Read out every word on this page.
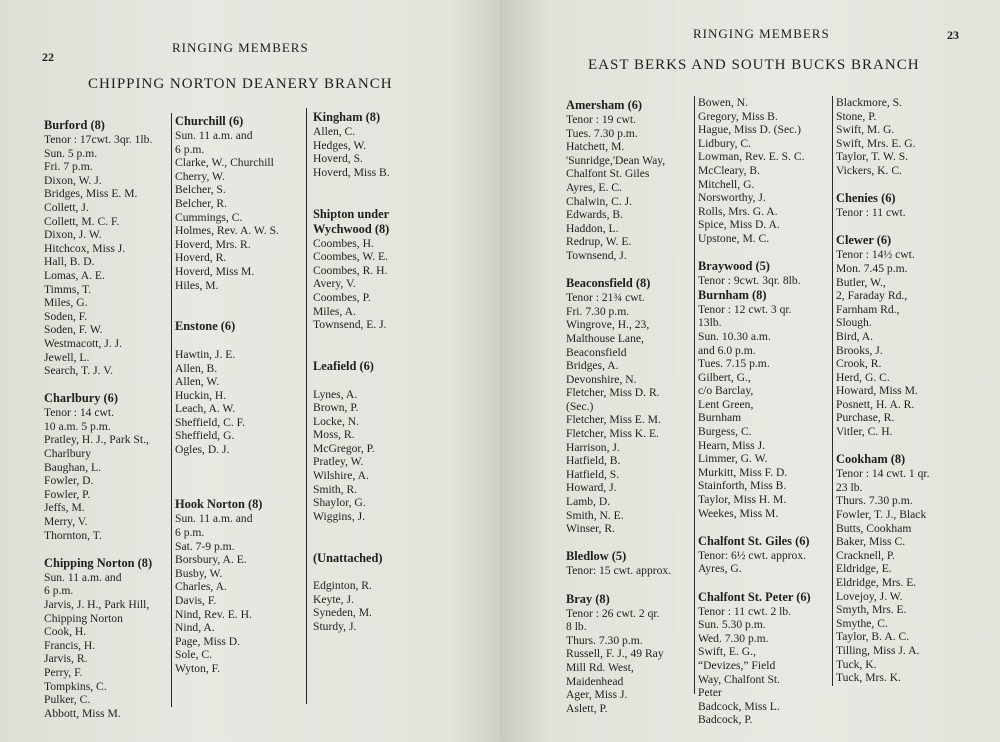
22
RINGING MEMBERS
CHIPPING NORTON DEANERY BRANCH
Burford (8)
Tenor : 17cwt. 3qr. 1lb.
Sun. 5 p.m.
Fri. 7 p.m.
Dixon, W. J.
Bridges, Miss E. M.
Collett, J.
Collett, M. C. F.
Dixon, J. W.
Hitchcox, Miss J.
Hall, B. D.
Lomas, A. E.
Timms, T.
Miles, G.
Soden, F.
Soden, F. W.
Westmacott, J. J.
Jewell, L.
Search, T. J. V.
Charlbury (6)
Tenor : 14 cwt.
10 a.m. 5 p.m.
Pratley, H. J., Park St.,
Charlbury
Baughan, L.
Fowler, D.
Fowler, P.
Jeffs, M.
Merry, V.
Thornton, T.
Chipping Norton (8)
Sun. 11 a.m. and
6 p.m.
Jarvis, J. H., Park Hill,
Chipping Norton
Cook, H.
Francis, H.
Jarvis, R.
Perry, F.
Tompkins, C.
Pulker, C.
Abbott, Miss M.
Churchill (6)
Sun. 11 a.m. and
6 p.m.
Clarke, W., Churchill
Cherry, W.
Belcher, S.
Belcher, R.
Cummings, C.
Holmes, Rev. A. W. S.
Hoverd, Mrs. R.
Hoverd, R.
Hoverd, Miss M.
Hiles, M.
Enstone (6)
Hawtin, J. E.
Allen, B.
Allen, W.
Huckin, H.
Leach, A. W.
Sheffield, C. F.
Sheffield, G.
Ogles, D. J.
Hook Norton (8)
Sun. 11 a.m. and
6 p.m.
Sat. 7-9 p.m.
Borsbury, A. E.
Busby, W.
Charles, A.
Davis, F.
Nind, Rev. E. H.
Nind, A.
Page, Miss D.
Sole, C.
Wyton, F.
Kingham (8)
Allen, C.
Hedges, W.
Hoverd, S.
Hoverd, Miss B.
Shipton under
Wychwood (8)
Coombes, H.
Coombes, W. E.
Coombes, R. H.
Avery, V.
Coombes, P.
Miles, A.
Townsend, E. J.
Leafield (6)
Lynes, A.
Brown, P.
Locke, N.
Moss, R.
McGregor, P.
Pratley, W.
Wilshire, A.
Smith, R.
Shaylor, G.
Wiggins, J.
(Unattached)
Edginton, R.
Keyte, J.
Syneden, M.
Sturdy, J.
RINGING MEMBERS	23
EAST BERKS AND SOUTH BUCKS BRANCH
Amersham (6)
Tenor : 19 cwt.
Tues. 7.30 p.m.
Hatchett, M.
'Sunridge,'Dean Way,
Chalfont St. Giles
Ayres, E. C.
Chalwin, C. J.
Edwards, B.
Haddon, L.
Redrup, W. E.
Townsend, J.
Beaconsfield (8)
Tenor : 21¾ cwt.
Fri. 7.30 p.m.
Wingrove, H., 23,
Malthouse Lane,
Beaconsfield
Bridges, A.
Devonshire, N.
Fletcher, Miss D. R.
(Sec.)
Fletcher, Miss E. M.
Fletcher, Miss K. E.
Harrison, J.
Hatfield, B.
Hatfield, S.
Howard, J.
Lamb, D.
Smith, N. E.
Winser, R.
Bledlow (5)
Tenor: 15 cwt. approx.
Bray (8)
Tenor : 26 cwt. 2 qr.
8 lb.
Thurs. 7.30 p.m.
Russell, F. J., 49 Ray
Mill Rd. West,
Maidenhead
Ager, Miss J.
Aslett, P.
Bowen, N.
Gregory, Miss B.
Hague, Miss D. (Sec.)
Lidbury, C.
Lowman, Rev. E. S. C.
McCleary, B.
Mitchell, G.
Norsworthy, J.
Rolls, Mrs. G. A.
Spice, Miss D. A.
Upstone, M. C.
Braywood (5)
Tenor : 9cwt. 3qr. 8lb.
Burnham (8)
Tenor : 12 cwt. 3 qr.
13lb.
Sun. 10.30 a.m.
and 6.0 p.m.
Tues. 7.15 p.m.
Gilbert, G.,
c/o Barclay,
Lent Green,
Burnham
Burgess, C.
Hearn, Miss J.
Limmer, G. W.
Murkitt, Miss F. D.
Stainforth, Miss B.
Taylor, Miss H. M.
Weekes, Miss M.
Chalfont St. Giles (6)
Tenor: 6½ cwt. approx.
Ayres, G.
Chalfont St. Peter (6)
Tenor : 11 cwt. 2 lb.
Sun. 5.30 p.m.
Wed. 7.30 p.m.
Swift, E. G.,
“Devizes,” Field
Way, Chalfont St.
Peter
Badcock, Miss L.
Badcock, P.
Blackmore, S.
Stone, P.
Swift, M. G.
Swift, Mrs. E. G.
Taylor, T. W. S.
Vickers, K. C.
Chenies (6)
Tenor : 11 cwt.
Clewer (6)
Tenor : 14½ cwt.
Mon. 7.45 p.m.
Butler, W.,
2, Faraday Rd.,
Farnham Rd.,
Slough.
Bird, A.
Brooks, J.
Crook, R.
Herd, G. C.
Howard, Miss M.
Posnett, H. A. R.
Purchase, R.
Vitler, C. H.
Cookham (8)
Tenor : 14 cwt. 1 qr.
23 lb.
Thurs. 7.30 p.m.
Fowler, T. J., Black
Butts, Cookham
Baker, Miss C.
Cracknell, P.
Eldridge, E.
Eldridge, Mrs. E.
Lovejoy, J. W.
Smyth, Mrs. E.
Smythe, C.
Taylor, B. A. C.
Tilling, Miss J. A.
Tuck, K.
Tuck, Mrs. K.
